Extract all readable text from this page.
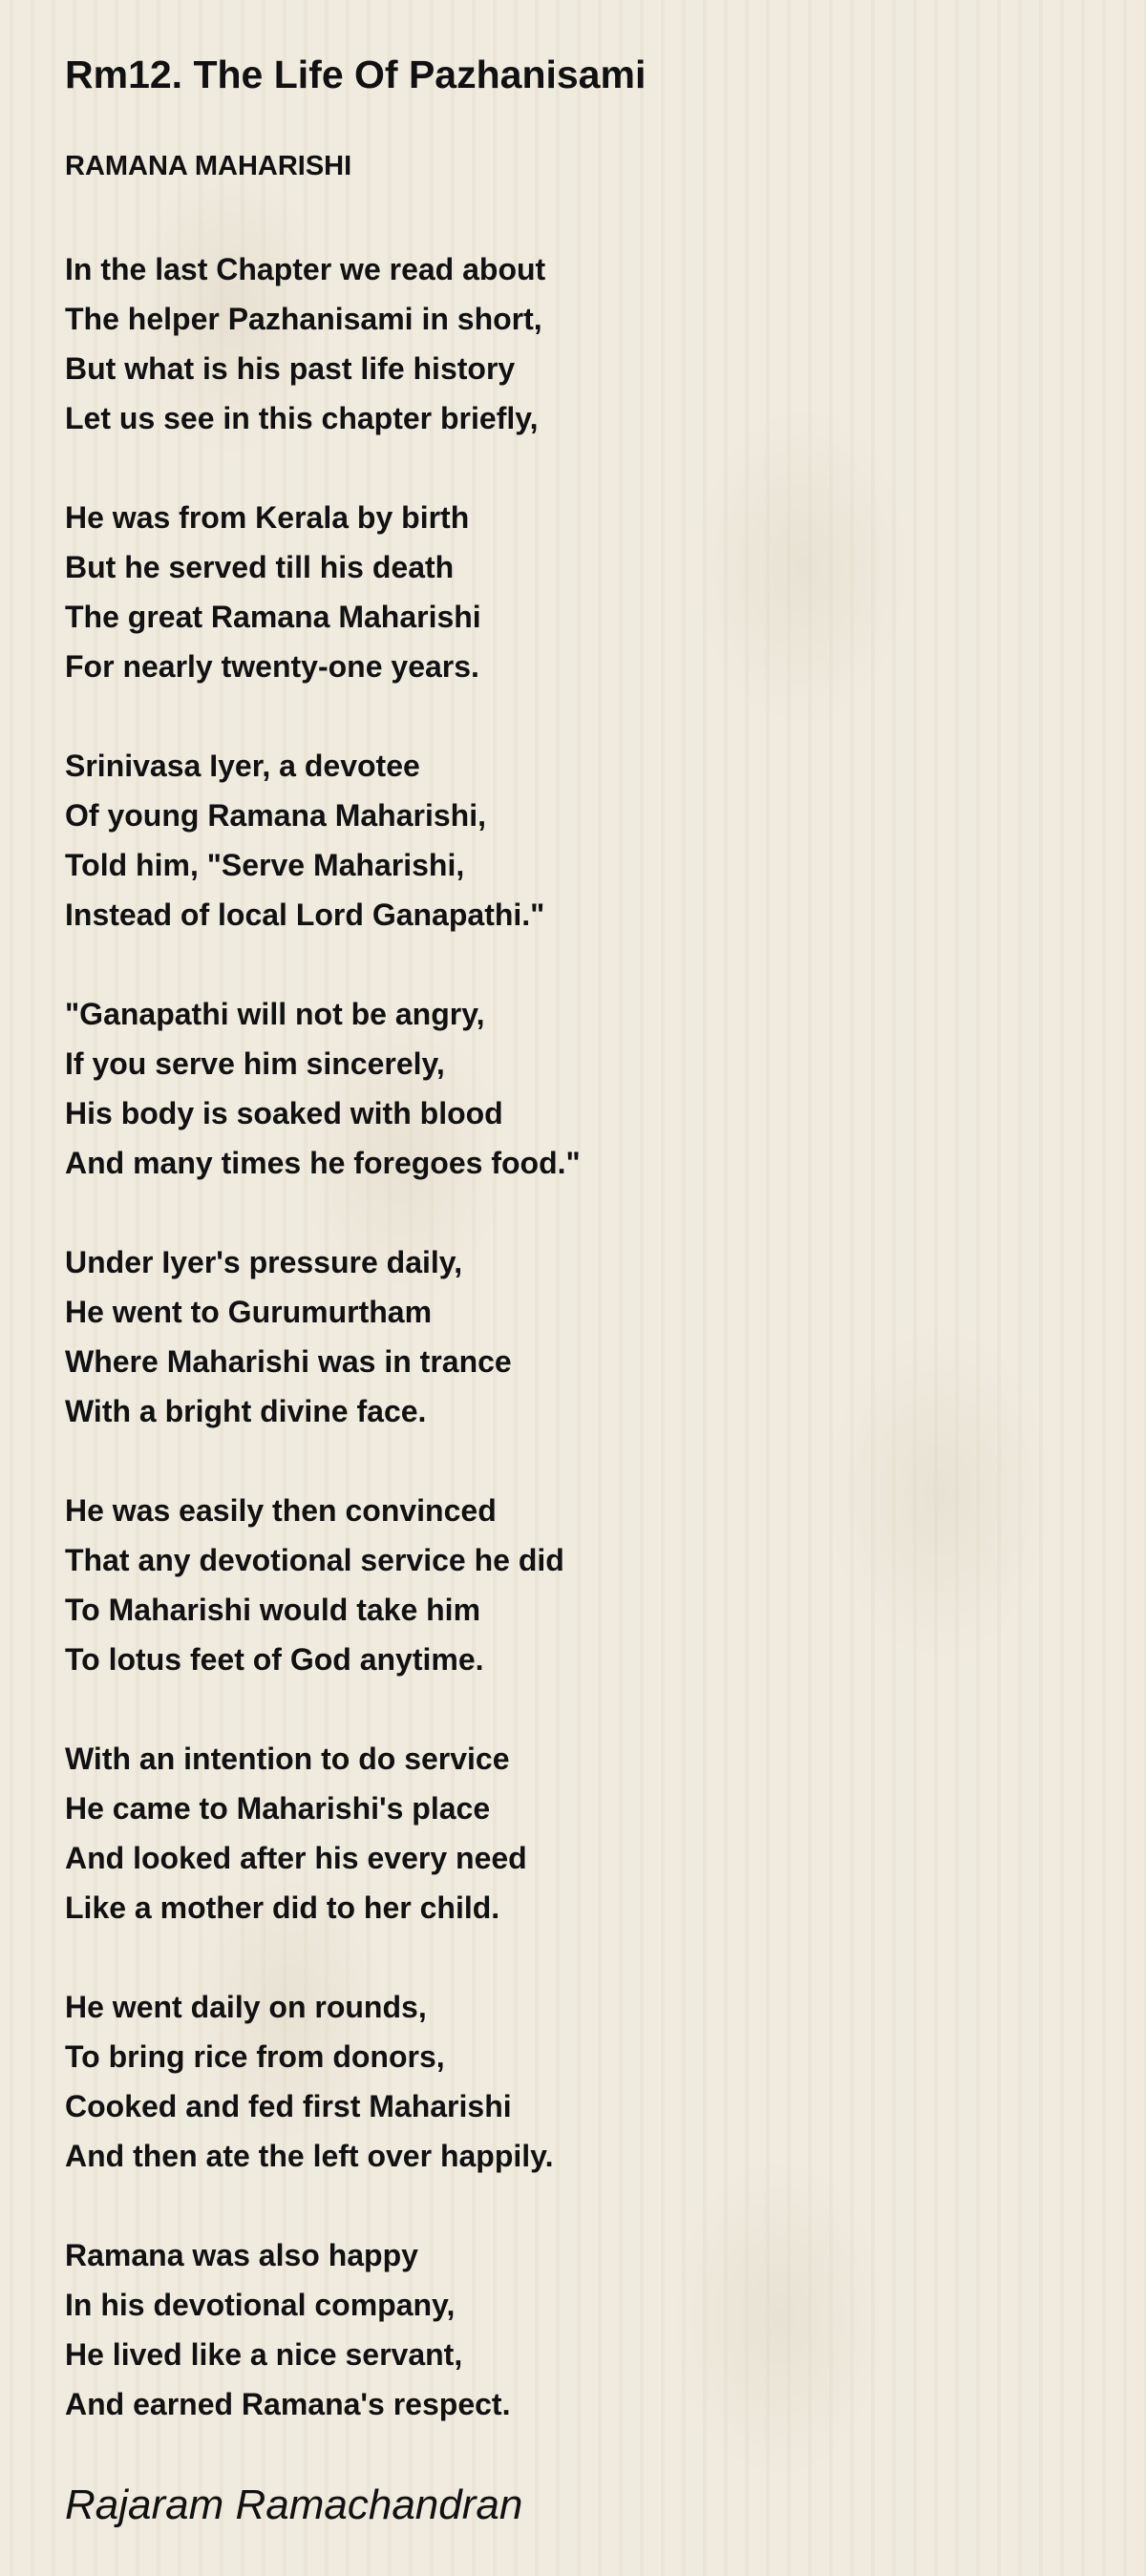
Rm12. The Life Of Pazhanisami
RAMANA MAHARISHI
In the last Chapter we read about
The helper Pazhanisami in short,
But what is his past life history
Let us see in this chapter briefly,
He was from Kerala by birth
But he served till his death
The great Ramana Maharishi
For nearly twenty-one years.
Srinivasa Iyer, a devotee
Of young Ramana Maharishi,
Told him, "Serve Maharishi,
Instead of local Lord Ganapathi."
"Ganapathi will not be angry,
If you serve him sincerely,
His body is soaked with blood
And many times he foregoes food."
Under Iyer's pressure daily,
He went to Gurumurtham
Where Maharishi was in trance
With a bright divine face.
He was easily then convinced
That any devotional service he did
To Maharishi would take him
To lotus feet of God anytime.
With an intention to do service
He came to Maharishi's place
And looked after his every need
Like a mother did to her child.
He went daily on rounds,
To bring rice from donors,
Cooked and fed first Maharishi
And then ate the left over happily.
Ramana was also happy
In his devotional company,
He lived like a nice servant,
And earned Ramana's respect.

Rajaram Ramachandran
